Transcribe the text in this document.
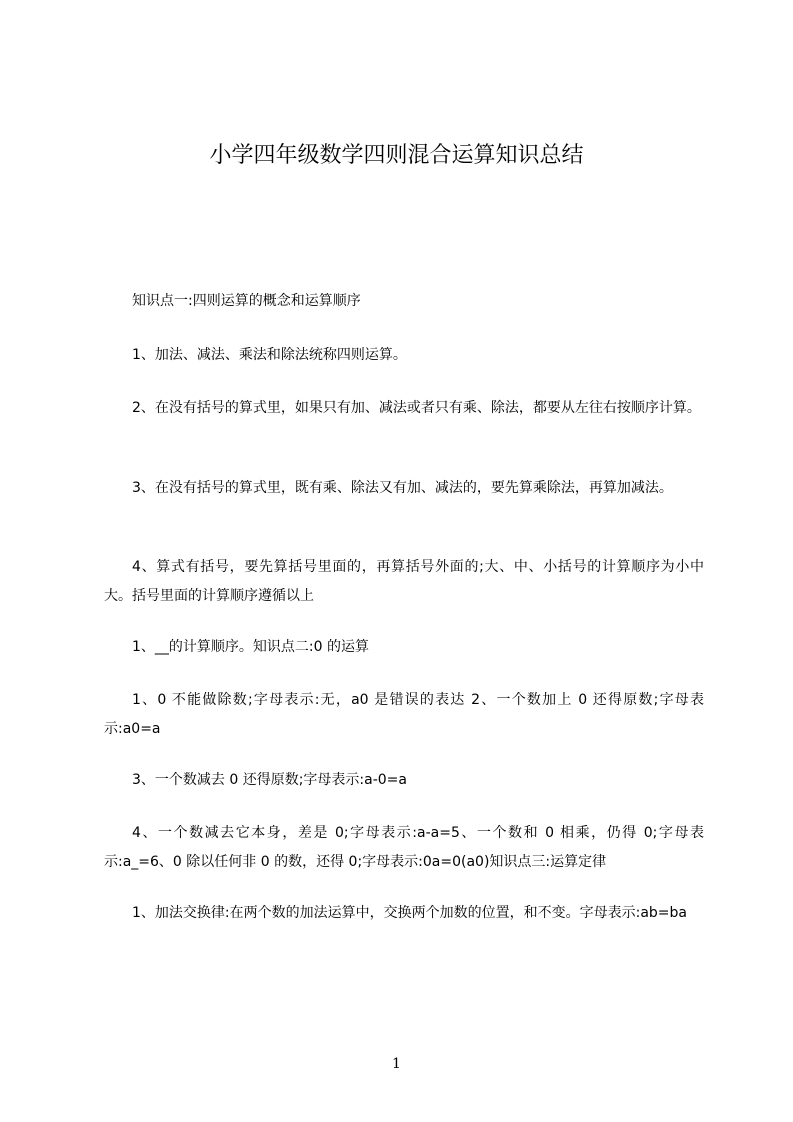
小学四年级数学四则混合运算知识总结

知识点一:四则运算的概念和运算顺序

1、加法、减法、乘法和除法统称四则运算。

2、在没有括号的算式里，如果只有加、减法或者只有乘、除法，都要从左往右按顺序计算。

3、在没有括号的算式里，既有乘、除法又有加、减法的，要先算乘除法，再算加减法。

4、算式有括号，要先算括号里面的，再算括号外面的;大、中、小括号的计算顺序为小中大。括号里面的计算顺序遵循以上

1、__的计算顺序。知识点二:0 的运算

1、0 不能做除数;字母表示:无，a0 是错误的表达 2、一个数加上 0 还得原数;字母表示:a0=a

3、一个数减去 0 还得原数;字母表示:a-0=a

4、一个数减去它本身，差是 0;字母表示:a-a=5、一个数和 0 相乘，仍得 0;字母表示:a_=6、0 除以任何非 0 的数，还得 0;字母表示:0a=0(a0)知识点三:运算定律

1、加法交换律:在两个数的加法运算中，交换两个加数的位置，和不变。字母表示:ab=ba

1
